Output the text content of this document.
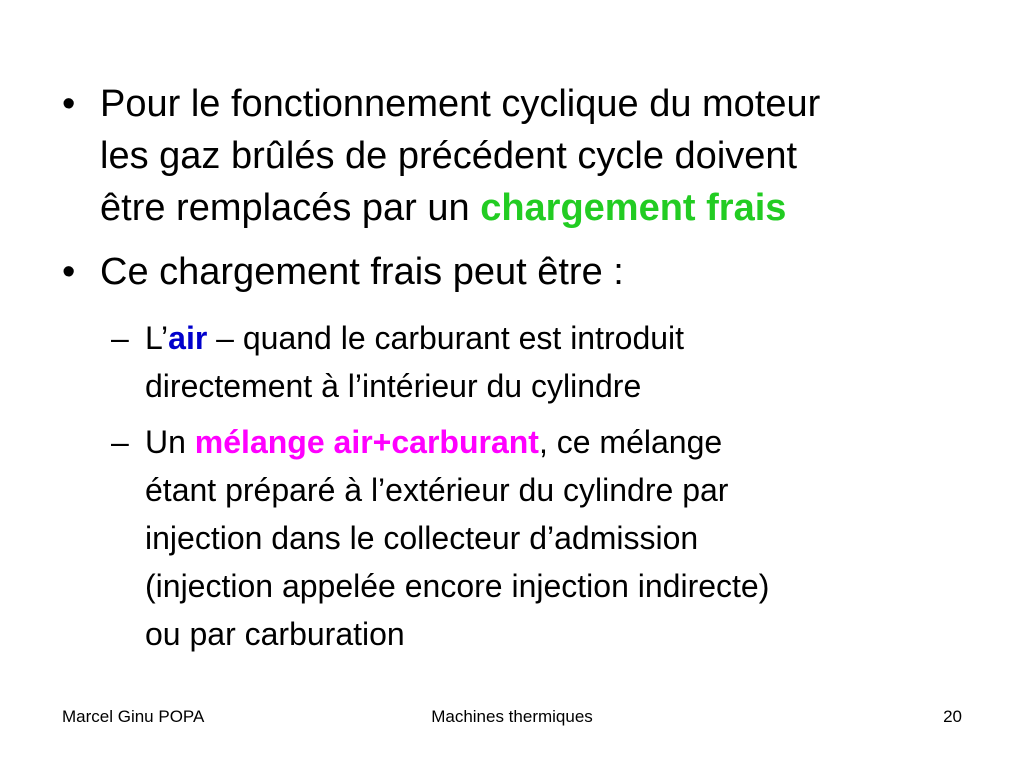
• Pour le fonctionnement cyclique du moteur
les gaz brûlés de précédent cycle doivent
être remplacés par un chargement frais
• Ce chargement frais peut être :
– L’air – quand le carburant est introduit
directement à l’intérieur du cylindre
– Un mélange air+carburant, ce mélange
étant préparé à l’extérieur du cylindre par
injection dans le collecteur d’admission
(injection appelée encore injection indirecte)
ou par carburation
Machines thermiques
Marcel Ginu POPA	20
